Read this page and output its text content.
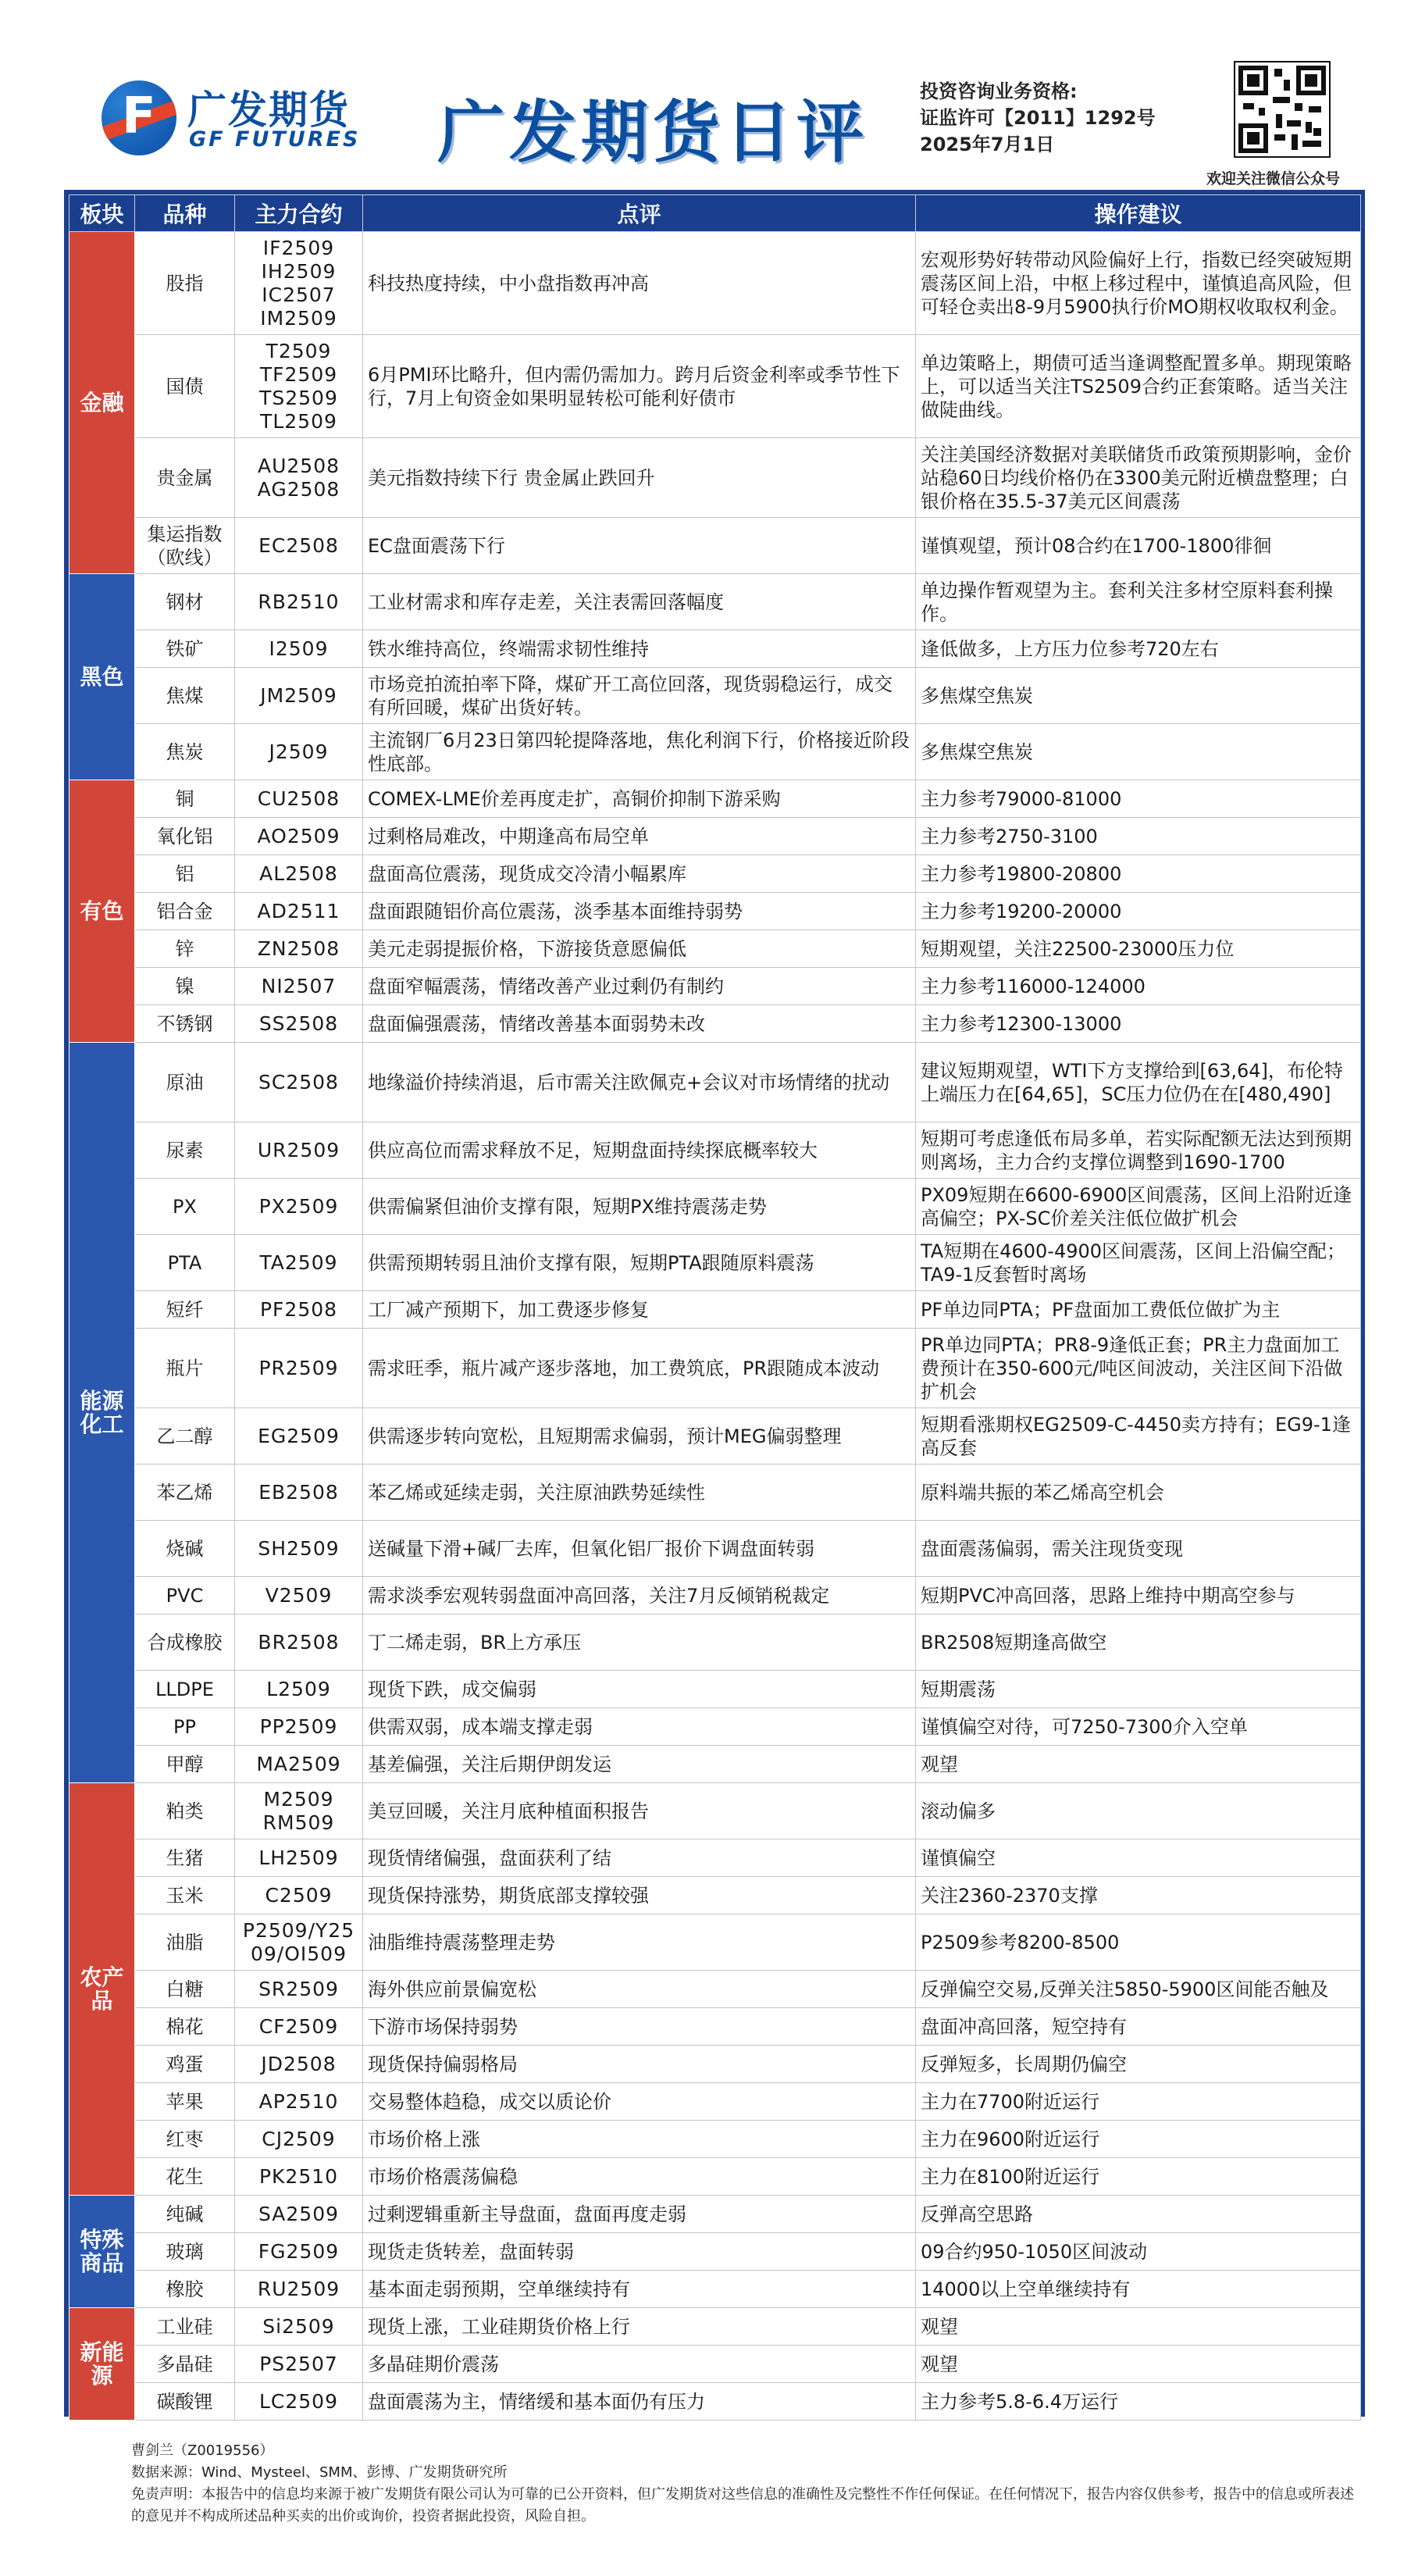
F 广发期货
GF FUTURES 广发期货日评
投资咨询业务资格:
证监许可【2011】1292号
2025年7月1日
欢迎关注微信公众号
板块	品种	主力合约	点评	操作建议
金融	股指	IF2509
IH2509
IC2507
IM2509	科技热度持续，中小盘指数再冲高	宏观形势好转带动风险偏好上行，指数已经突破短期震荡区间上沿，中枢上移过程中，谨慎追高风险，但可轻仓卖出8-9月5900执行价MO期权收取权利金。
	国债	T2509
TF2509
TS2509
TL2509	6月PMI环比略升，但内需仍需加力。跨月后资金利率或季节性下行，7月上旬资金如果明显转松可能利好债市	单边策略上，期债可适当逢调整配置多单。期现策略上，可以适当关注TS2509合约正套策略。适当关注做陡曲线。
	贵金属	AU2508
AG2508	美元指数持续下行 贵金属止跌回升	关注美国经济数据对美联储货币政策预期影响，金价站稳60日均线价格仍在3300美元附近横盘整理；白银价格在35.5-37美元区间震荡
	集运指数
（欧线）	EC2508	EC盘面震荡下行	谨慎观望，预计08合约在1700-1800徘徊
黑色	钢材	RB2510	工业材需求和库存走差，关注表需回落幅度	单边操作暂观望为主。套利关注多材空原料套利操作。
	铁矿	I2509	铁水维持高位，终端需求韧性维持	逢低做多，上方压力位参考720左右
	焦煤	JM2509	市场竞拍流拍率下降，煤矿开工高位回落，现货弱稳运行，成交有所回暖，煤矿出货好转。	多焦煤空焦炭
	焦炭	J2509	主流钢厂6月23日第四轮提降落地，焦化利润下行，价格接近阶段性底部。	多焦煤空焦炭
有色	铜	CU2508	COMEX-LME价差再度走扩，高铜价抑制下游采购	主力参考79000-81000
	氧化铝	AO2509	过剩格局难改，中期逢高布局空单	主力参考2750-3100
	铝	AL2508	盘面高位震荡，现货成交冷清小幅累库	主力参考19800-20800
	铝合金	AD2511	盘面跟随铝价高位震荡，淡季基本面维持弱势	主力参考19200-20000
	锌	ZN2508	美元走弱提振价格，下游接货意愿偏低	短期观望，关注22500-23000压力位
	镍	NI2507	盘面窄幅震荡，情绪改善产业过剩仍有制约	主力参考116000-124000
	不锈钢	SS2508	盘面偏强震荡，情绪改善基本面弱势未改	主力参考12300-13000
能源
化工	原油	SC2508	地缘溢价持续消退，后市需关注欧佩克+会议对市场情绪的扰动	建议短期观望，WTI下方支撑给到[63,64]，布伦特上端压力在[64,65]，SC压力位仍在在[480,490]
	尿素	UR2509	供应高位而需求释放不足，短期盘面持续探底概率较大	短期可考虑逢低布局多单，若实际配额无法达到预期则离场，主力合约支撑位调整到1690-1700
	PX	PX2509	供需偏紧但油价支撑有限，短期PX维持震荡走势	PX09短期在6600-6900区间震荡，区间上沿附近逢高偏空；PX-SC价差关注低位做扩机会
	PTA	TA2509	供需预期转弱且油价支撑有限，短期PTA跟随原料震荡	TA短期在4600-4900区间震荡，区间上沿偏空配；TA9-1反套暂时离场
	短纤	PF2508	工厂减产预期下，加工费逐步修复	PF单边同PTA；PF盘面加工费低位做扩为主
	瓶片	PR2509	需求旺季，瓶片减产逐步落地，加工费筑底，PR跟随成本波动	PR单边同PTA；PR8-9逢低正套；PR主力盘面加工费预计在350-600元/吨区间波动，关注区间下沿做扩机会
	乙二醇	EG2509	供需逐步转向宽松，且短期需求偏弱，预计MEG偏弱整理	短期看涨期权EG2509-C-4450卖方持有；EG9-1逢高反套
	苯乙烯	EB2508	苯乙烯或延续走弱，关注原油跌势延续性	原料端共振的苯乙烯高空机会
	烧碱	SH2509	送碱量下滑+碱厂去库，但氧化铝厂报价下调盘面转弱	盘面震荡偏弱，需关注现货变现
	PVC	V2509	需求淡季宏观转弱盘面冲高回落，关注7月反倾销税裁定	短期PVC冲高回落，思路上维持中期高空参与
	合成橡胶	BR2508	丁二烯走弱，BR上方承压	BR2508短期逢高做空
	LLDPE	L2509	现货下跌，成交偏弱	短期震荡
	PP	PP2509	供需双弱，成本端支撑走弱	谨慎偏空对待，可7250-7300介入空单
	甲醇	MA2509	基差偏强，关注后期伊朗发运	观望
农产品	粕类	M2509
RM509	美豆回暖，关注月底种植面积报告	滚动偏多
	生猪	LH2509	现货情绪偏强，盘面获利了结	谨慎偏空
	玉米	C2509	现货保持涨势，期货底部支撑较强	关注2360-2370支撑
	油脂	P2509/Y25
09/OI509	油脂维持震荡整理走势	P2509参考8200-8500
	白糖	SR2509	海外供应前景偏宽松	反弹偏空交易,反弹关注5850-5900区间能否触及
	棉花	CF2509	下游市场保持弱势	盘面冲高回落，短空持有
	鸡蛋	JD2508	现货保持偏弱格局	反弹短多，长周期仍偏空
	苹果	AP2510	交易整体趋稳，成交以质论价	主力在7700附近运行
	红枣	CJ2509	市场价格上涨	主力在9600附近运行
	花生	PK2510	市场价格震荡偏稳	主力在8100附近运行
特殊
商品	纯碱	SA2509	过剩逻辑重新主导盘面，盘面再度走弱	反弹高空思路
	玻璃	FG2509	现货走货转差，盘面转弱	09合约950-1050区间波动
	橡胶	RU2509	基本面走弱预期，空单继续持有	14000以上空单继续持有
新能源	工业硅	Si2509	现货上涨，工业硅期货价格上行	观望
	多晶硅	PS2507	多晶硅期价震荡	观望
	碳酸锂	LC2509	盘面震荡为主，情绪缓和基本面仍有压力	主力参考5.8-6.4万运行
曹剑兰（Z0019556）
数据来源：Wind、Mysteel、SMM、彭博、广发期货研究所
免责声明：本报告中的信息均来源于被广发期货有限公司认为可靠的已公开资料，但广发期货对这些信息的准确性及完整性不作任何保证。在任何情况下，报告内容仅供参考，报告中的信息或所表述的意见并不构成所述品种买卖的出价或询价，投资者据此投资，风险自担。
